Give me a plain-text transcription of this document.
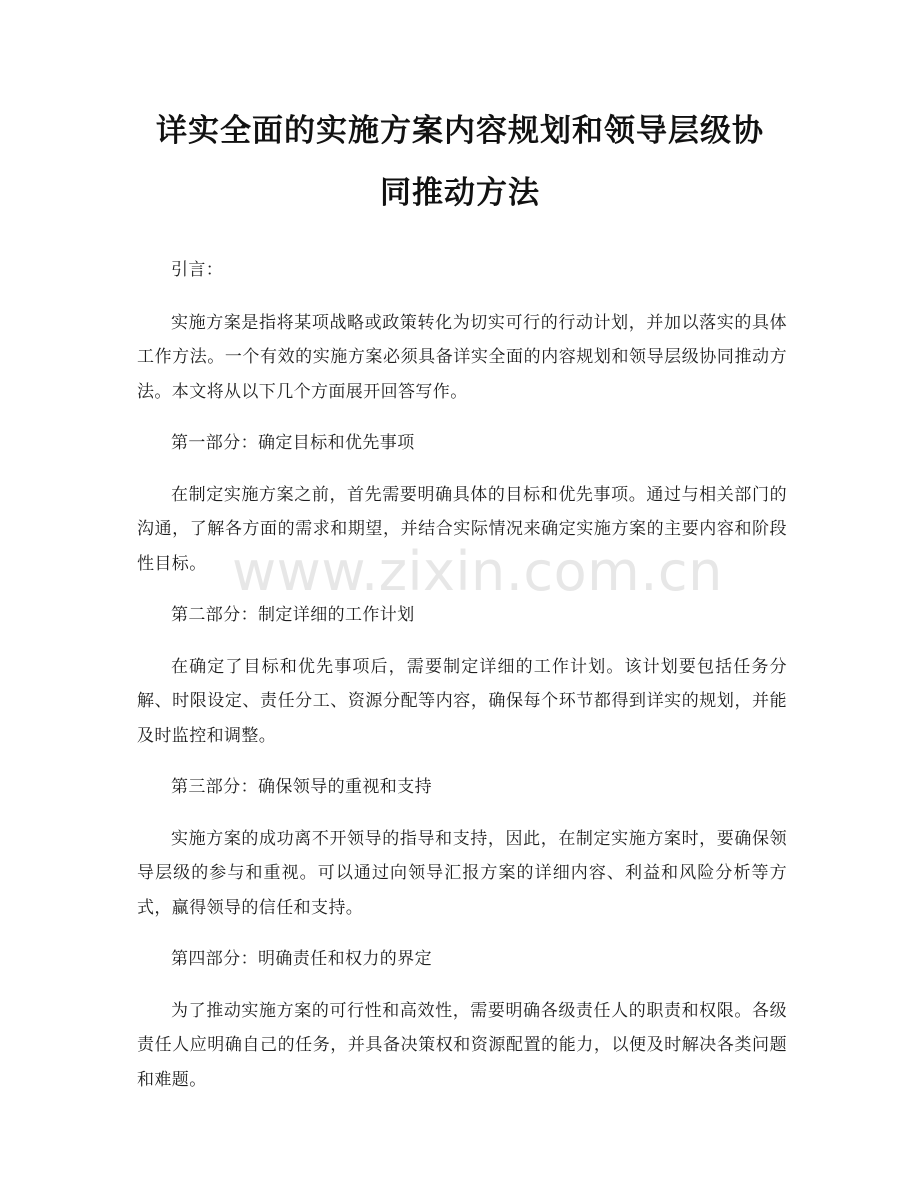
详实全面的实施方案内容规划和领导层级协
同推动方法

引言：

实施方案是指将某项战略或政策转化为切实可行的行动计划，并加以落实的具体工作方法。一个有效的实施方案必须具备详实全面的内容规划和领导层级协同推动方法。本文将从以下几个方面展开回答写作。

第一部分：确定目标和优先事项

在制定实施方案之前，首先需要明确具体的目标和优先事项。通过与相关部门的沟通，了解各方面的需求和期望，并结合实际情况来确定实施方案的主要内容和阶段性目标。

第二部分：制定详细的工作计划

在确定了目标和优先事项后，需要制定详细的工作计划。该计划要包括任务分解、时限设定、责任分工、资源分配等内容，确保每个环节都得到详实的规划，并能及时监控和调整。

第三部分：确保领导的重视和支持

实施方案的成功离不开领导的指导和支持，因此，在制定实施方案时，要确保领导层级的参与和重视。可以通过向领导汇报方案的详细内容、利益和风险分析等方式，赢得领导的信任和支持。

第四部分：明确责任和权力的界定

为了推动实施方案的可行性和高效性，需要明确各级责任人的职责和权限。各级责任人应明确自己的任务，并具备决策权和资源配置的能力，以便及时解决各类问题和难题。

www.zixin.com.cn
